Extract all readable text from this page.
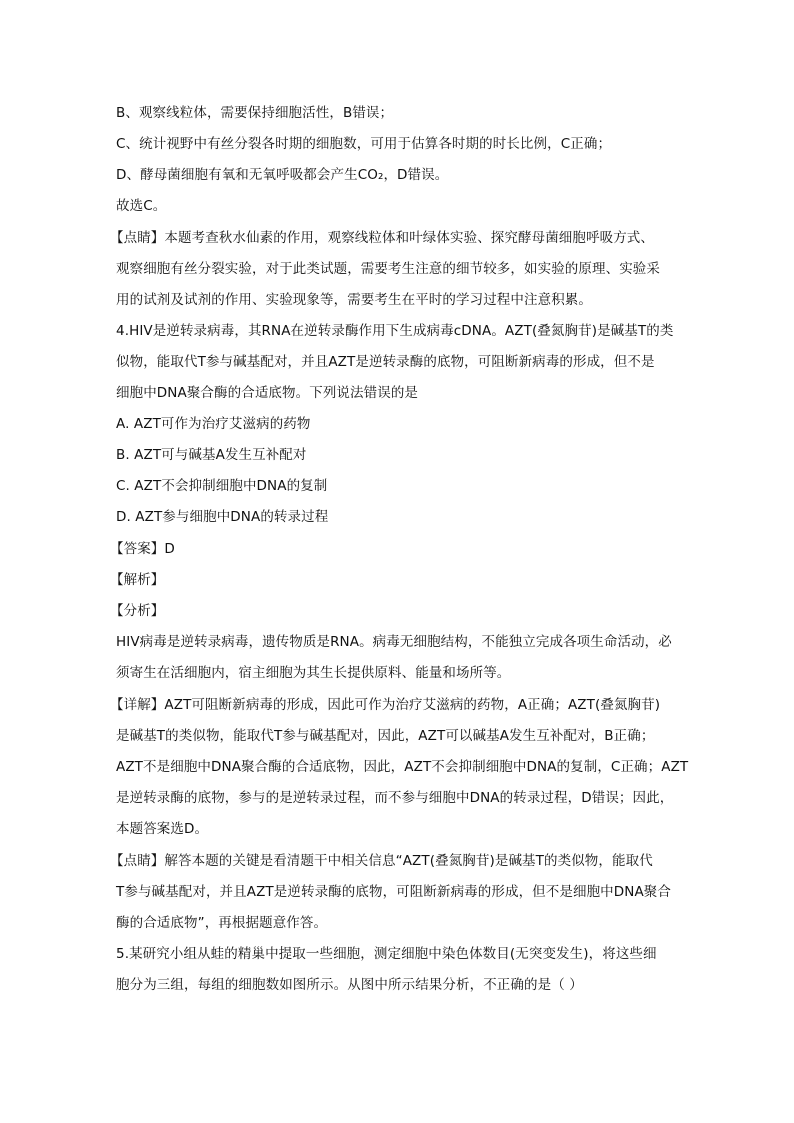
B、观察线粒体，需要保持细胞活性，B错误；
C、统计视野中有丝分裂各时期的细胞数，可用于估算各时期的时长比例，C正确；
D、酵母菌细胞有氧和无氧呼吸都会产生CO₂，D错误。
故选C。
【点睛】本题考查秋水仙素的作用，观察线粒体和叶绿体实验、探究酵母菌细胞呼吸方式、
观察细胞有丝分裂实验，对于此类试题，需要考生注意的细节较多，如实验的原理、实验采
用的试剂及试剂的作用、实验现象等，需要考生在平时的学习过程中注意积累。
4.HIV是逆转录病毒，其RNA在逆转录酶作用下生成病毒cDNA。AZT(叠氮胸苷)是碱基T的类
似物，能取代T参与碱基配对，并且AZT是逆转录酶的底物，可阻断新病毒的形成，但不是
细胞中DNA聚合酶的合适底物。下列说法错误的是
A. AZT可作为治疗艾滋病的药物
B. AZT可与碱基A发生互补配对
C. AZT不会抑制细胞中DNA的复制
D. AZT参与细胞中DNA的转录过程
【答案】D
【解析】
【分析】
HIV病毒是逆转录病毒，遗传物质是RNA。病毒无细胞结构，不能独立完成各项生命活动，必
须寄生在活细胞内，宿主细胞为其生长提供原料、能量和场所等。
【详解】AZT可阻断新病毒的形成，因此可作为治疗艾滋病的药物，A正确；AZT(叠氮胸苷)
是碱基T的类似物，能取代T参与碱基配对，因此，AZT可以碱基A发生互补配对，B正确；
AZT不是细胞中DNA聚合酶的合适底物，因此，AZT不会抑制细胞中DNA的复制，C正确；AZT
是逆转录酶的底物，参与的是逆转录过程，而不参与细胞中DNA的转录过程，D错误；因此，
本题答案选D。
【点睛】解答本题的关键是看清题干中相关信息“AZT(叠氮胸苷)是碱基T的类似物，能取代
T参与碱基配对，并且AZT是逆转录酶的底物，可阻断新病毒的形成，但不是细胞中DNA聚合
酶的合适底物”，再根据题意作答。
5.某研究小组从蛙的精巢中提取一些细胞，测定细胞中染色体数目(无突变发生)，将这些细
胞分为三组，每组的细胞数如图所示。从图中所示结果分析，不正确的是（ ）
